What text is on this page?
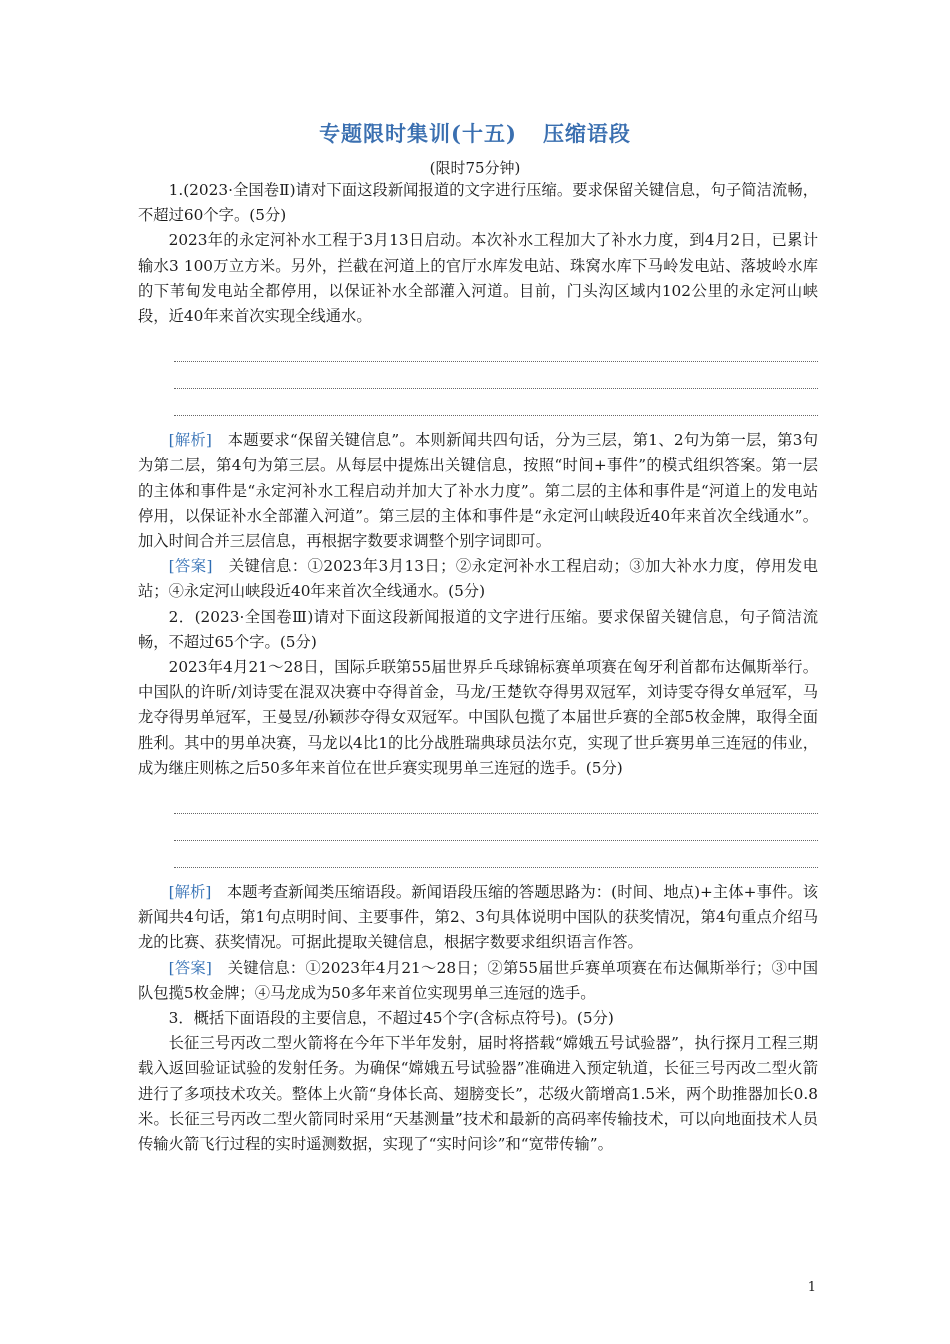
专题限时集训(十五) 压缩语段
(限时75分钟)

1.(2023·全国卷Ⅱ)请对下面这段新闻报道的文字进行压缩。要求保留关键信息，句子简洁流畅，不超过60个字。(5分)

2023年的永定河补水工程于3月13日启动。本次补水工程加大了补水力度，到4月2日，已累计输水3 100万立方米。另外，拦截在河道上的官厅水库发电站、珠窝水库下马岭发电站、落坡岭水库的下苇甸发电站全都停用，以保证补水全部灌入河道。目前，门头沟区域内102公里的永定河山峡段，近40年来首次实现全线通水。

[解析]　 本题要求“保留关键信息”。本则新闻共四句话，分为三层，第1、2句为第一层，第3句为第二层，第4句为第三层。从每层中提炼出关键信息，按照“时间+事件”的模式组织答案。第一层的主体和事件是“永定河补水工程启动并加大了补水力度”。第二层的主体和事件是“河道上的发电站停用，以保证补水全部灌入河道”。第三层的主体和事件是“永定河山峡段近40年来首次全线通水”。加入时间合并三层信息，再根据字数要求调整个别字词即可。

[答案]　 关键信息：①2023年3月13日；②永定河补水工程启动；③加大补水力度，停用发电站；④永定河山峡段近40年来首次全线通水。(5分)

2．(2023·全国卷Ⅲ)请对下面这段新闻报道的文字进行压缩。要求保留关键信息，句子简洁流畅，不超过65个字。(5分)

2023年4月21～28日，国际乒联第55届世界乒乓球锦标赛单项赛在匈牙利首都布达佩斯举行。中国队的许昕/刘诗雯在混双决赛中夺得首金，马龙/王楚钦夺得男双冠军，刘诗雯夺得女单冠军，马龙夺得男单冠军，王曼昱/孙颖莎夺得女双冠军。中国队包揽了本届世乒赛的全部5枚金牌，取得全面胜利。其中的男单决赛，马龙以4比1的比分战胜瑞典球员法尔克，实现了世乒赛男单三连冠的伟业，成为继庄则栋之后50多年来首位在世乒赛实现男单三连冠的选手。(5分)

[解析]　 本题考查新闻类压缩语段。新闻语段压缩的答题思路为：(时间、地点)+主体+事件。该新闻共4句话，第1句点明时间、主要事件，第2、3句具体说明中国队的获奖情况，第4句重点介绍马龙的比赛、获奖情况。可据此提取关键信息，根据字数要求组织语言作答。

[答案]　 关键信息：①2023年4月21～28日；②第55届世乒赛单项赛在布达佩斯举行；③中国队包揽5枚金牌；④马龙成为50多年来首位实现男单三连冠的选手。

3．概括下面语段的主要信息，不超过45个字(含标点符号)。(5分)

长征三号丙改二型火箭将在今年下半年发射，届时将搭载“嫦娥五号试验器”，执行探月工程三期载入返回验证试验的发射任务。为确保“嫦娥五号试验器”准确进入预定轨道，长征三号丙改二型火箭进行了多项技术攻关。整体上火箭“身体长高、翅膀变长”，芯级火箭增高1.5米，两个助推器加长0.8米。长征三号丙改二型火箭同时采用“天基测量”技术和最新的高码率传输技术，可以向地面技术人员传输火箭飞行过程的实时遥测数据，实现了“实时问诊”和“宽带传输”。

1
